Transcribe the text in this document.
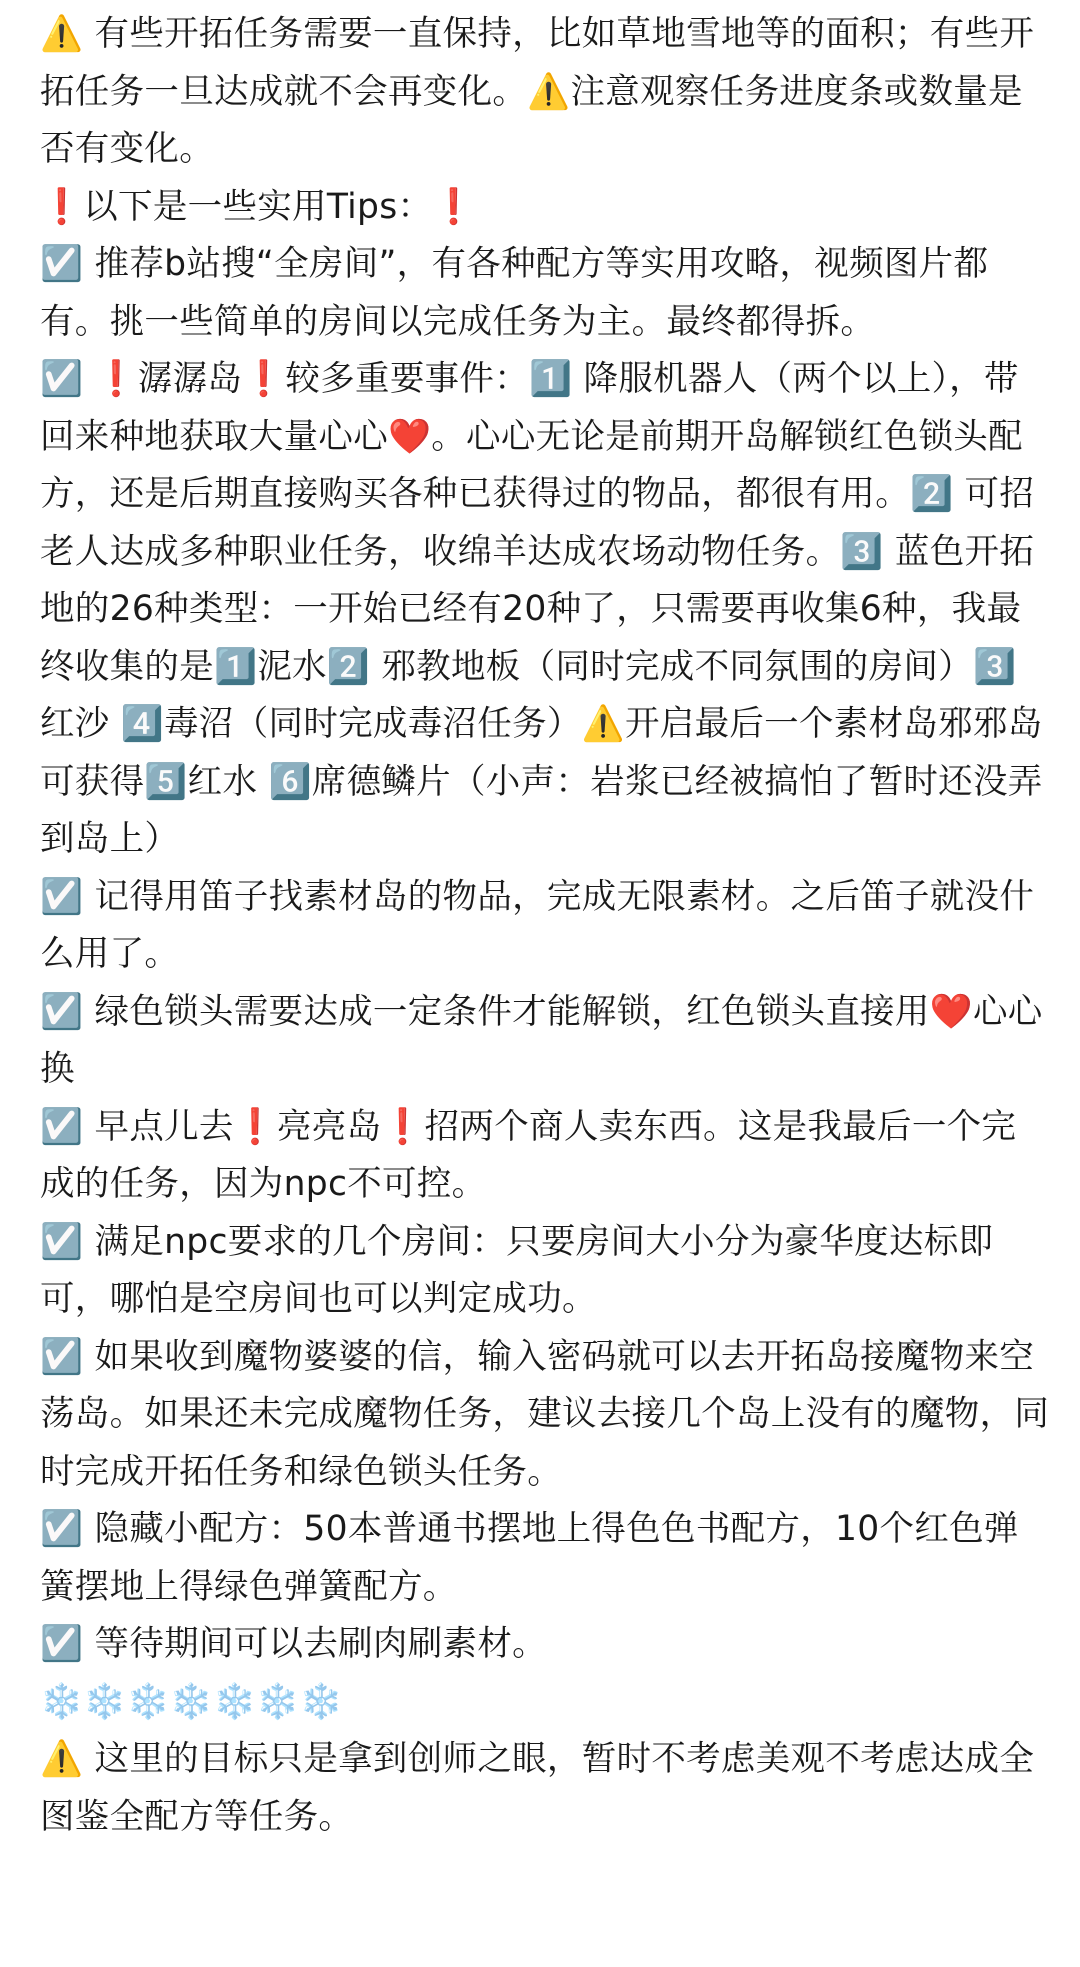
⚠️ 有些开拓任务需要一直保持，比如草地雪地等的面积；有些开拓任务一旦达成就不会再变化。⚠️注意观察任务进度条或数量是否有变化。

❗️以下是一些实用Tips：❗️

☑️ 推荐b站搜“全房间”，有各种配方等实用攻略，视频图片都有。挑一些简单的房间以完成任务为主。最终都得拆。

☑️ ❗️潺潺岛❗️较多重要事件：1️⃣ 降服机器人（两个以上），带回来种地获取大量心心❤️。心心无论是前期开岛解锁红色锁头配方，还是后期直接购买各种已获得过的物品，都很有用。2️⃣ 可招老人达成多种职业任务，收绵羊达成农场动物任务。3️⃣ 蓝色开拓地的26种类型：一开始已经有20种了，只需要再收集6种，我最终收集的是1️⃣泥水2️⃣ 邪教地板（同时完成不同氛围的房间）3️⃣ 红沙 4️⃣毒沼（同时完成毒沼任务）⚠️开启最后一个素材岛邪邪岛可获得5️⃣红水 6️⃣席德鳞片（小声：岩浆已经被搞怕了暂时还没弄到岛上）

☑️ 记得用笛子找素材岛的物品，完成无限素材。之后笛子就没什么用了。

☑️ 绿色锁头需要达成一定条件才能解锁，红色锁头直接用❤️心心换

☑️ 早点儿去❗️亮亮岛❗️招两个商人卖东西。这是我最后一个完成的任务，因为npc不可控。

☑️ 满足npc要求的几个房间：只要房间大小分为豪华度达标即可，哪怕是空房间也可以判定成功。

☑️ 如果收到魔物婆婆的信，输入密码就可以去开拓岛接魔物来空荡岛。如果还未完成魔物任务，建议去接几个岛上没有的魔物，同时完成开拓任务和绿色锁头任务。

☑️ 隐藏小配方：50本普通书摆地上得色色书配方，10个红色弹簧摆地上得绿色弹簧配方。

☑️ 等待期间可以去刷肉刷素材。

❄️❄️❄️❄️❄️❄️❄️

⚠️ 这里的目标只是拿到创师之眼，暂时不考虑美观不考虑达成全图鉴全配方等任务。
